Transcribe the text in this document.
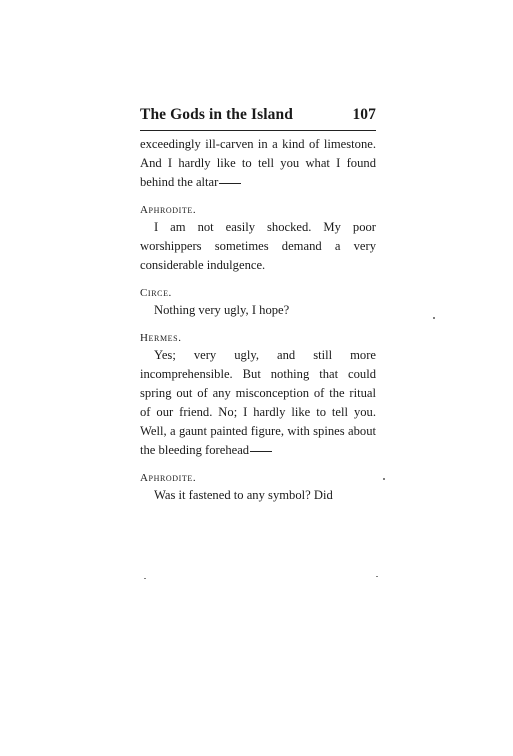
The Gods in the Island	107

exceedingly ill-carven in a kind of limestone. And I hardly like to tell you what I found behind the altar

Aphrodite.

I am not easily shocked. My poor worshippers sometimes demand a very considerable indulgence.

Circe.

Nothing very ugly, I hope?

Hermes.

Yes; very ugly, and still more incomprehensible. But nothing that could spring out of any misconception of the ritual of our friend. No; I hardly like to tell you. Well, a gaunt painted figure, with spines about the bleeding forehead

Aphrodite.

Was it fastened to any symbol? Did
